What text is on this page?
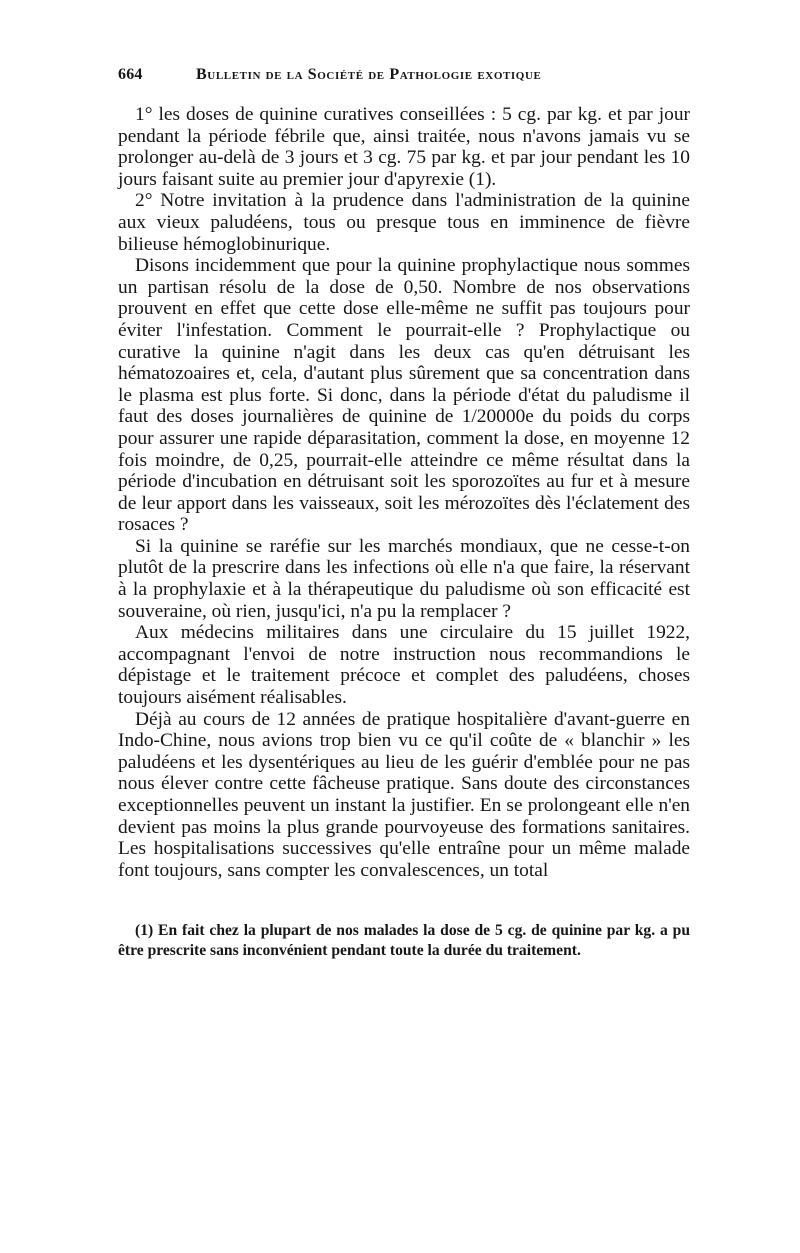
664	Bulletin de la Société de Pathologie exotique

1° les doses de quinine curatives conseillées : 5 cg. par kg. et par jour pendant la période fébrile que, ainsi traitée, nous n'avons jamais vu se prolonger au-delà de 3 jours et 3 cg. 75 par kg. et par jour pendant les 10 jours faisant suite au premier jour d'apyrexie (1).

2° Notre invitation à la prudence dans l'administration de la quinine aux vieux paludéens, tous ou presque tous en imminence de fièvre bilieuse hémoglobinurique.

Disons incidemment que pour la quinine prophylactique nous sommes un partisan résolu de la dose de 0,50. Nombre de nos observations prouvent en effet que cette dose elle-même ne suffit pas toujours pour éviter l'infestation. Comment le pourrait-elle ? Prophylactique ou curative la quinine n'agit dans les deux cas qu'en détruisant les hématozoaires et, cela, d'autant plus sûrement que sa concentration dans le plasma est plus forte. Si donc, dans la période d'état du paludisme il faut des doses journalières de quinine de 1/20000e du poids du corps pour assurer une rapide déparasitation, comment la dose, en moyenne 12 fois moindre, de 0,25, pourrait-elle atteindre ce même résultat dans la période d'incubation en détruisant soit les sporozoïtes au fur et à mesure de leur apport dans les vaisseaux, soit les mérozoïtes dès l'éclatement des rosaces ?

Si la quinine se raréfie sur les marchés mondiaux, que ne cesse-t-on plutôt de la prescrire dans les infections où elle n'a que faire, la réservant à la prophylaxie et à la thérapeutique du paludisme où son efficacité est souveraine, où rien, jusqu'ici, n'a pu la remplacer ?

Aux médecins militaires dans une circulaire du 15 juillet 1922, accompagnant l'envoi de notre instruction nous recommandions le dépistage et le traitement précoce et complet des paludéens, choses toujours aisément réalisables.

Déjà au cours de 12 années de pratique hospitalière d'avant-guerre en Indo-Chine, nous avions trop bien vu ce qu'il coûte de « blanchir » les paludéens et les dysentériques au lieu de les guérir d'emblée pour ne pas nous élever contre cette fâcheuse pratique. Sans doute des circonstances exceptionnelles peuvent un instant la justifier. En se prolongeant elle n'en devient pas moins la plus grande pourvoyeuse des formations sanitaires. Les hospitalisations successives qu'elle entraîne pour un même malade font toujours, sans compter les convalescences, un total

(1) En fait chez la plupart de nos malades la dose de 5 cg. de quinine par kg. a pu être prescrite sans inconvénient pendant toute la durée du traitement.
